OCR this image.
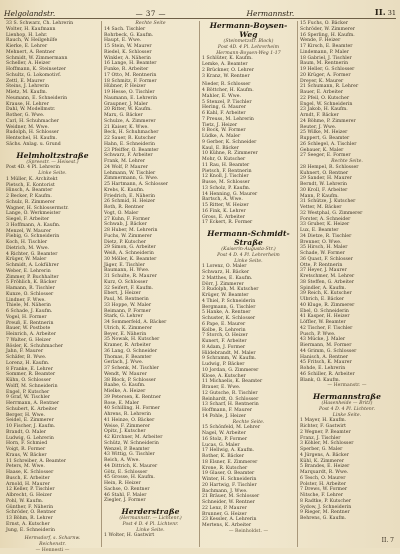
Helgolandstr.	— 37 —	Hermannstr.	II. 31
33 S. Schwarz, Ch. Lehrerin
Wolter, H. Kaufmann
Lienhop, H. Lehr.
Rauch, W. Heilgehilfe
Kierke, E. Lehrer
Mehnert, A. Rentner
Schmidt, W. Zimmermann
Scheller, A. Heizer
Hoffmann, K. Steinsetzer
Schultz, G. Lokomotivf.
Zettl, E. Maurer
Steins, J. Lehrerin
Mietz, M. Kaufm.
Neumann, E. Schneiderin
Krause, H. Lehrer
Dahl, W. Modellmstr.
Rother, G. Wwe.
Carl, H. Schuhmacher
Weidner, M. Wwe.
Rudolph, H. Schlosser
Hentschel, H. Kaufm.
Sächs. Anlag. u. Grund
Helmholtzstraße
(Spreestr. — Heisest.)
Post 4D. 4 Pl. Lehrerin
Linke Seite.
1 Müller, K. Architekt
Pietsch, E. Kontorist
Hinsch, A. Beamter
2 Becker, P. Kaufm.
Schulz, R. Zimmerer
Wagner, H. Schlossermstr.
Lange, O. Werkmeister
Siegel, F. Arbeiter
3 Hoffmann, A. Kaufm.
Menzel, W. Maurer
Fiebig, G. Schneiderin
Koch, H. Tischler
Dietrich, M. Wwe.
4 Richter, G. Beamter
Krüger, W. Maler
Schmidt, A. Lokführer
Weber, E. Lehrerin
Zimmer, P. Buchhalter
5 Fröhlich, K. Bäcker
Hamann, R. Tischler
Kunze, O. Schlosser
Lindner, F. Wwe.
Thiele, M. Näherin
6 Schade, J. Kaufm.
Vogel, H. Former
Preuß, E. Rentnerin
Bauer, W. Postbote
Heinrich, A. Arbeiter
7 Walter, G. Heizer
Rösler, K. Schuhmacher
Jahn, F. Maurer
Schäfer, B. Wwe.
Lorenz, H. Kaufm.
8 Franke, E. Lehrer
Sommer, R. Beamter
Kühn, O. Schlosser
Wolff, M. Schneiderin
Engel, P. Kutscher
9 Graf, W. Tischler
Herrmann, A. Rentner
Schubert, K. Arbeiter
Berger, H. Wwe.
Seidel, E. Zimmerer
10 Fischer, J. Kaufm.
Brandt, O. Maler
Ludwig, G. Lehrerin
Horn, F. Schmied
Voigt, R. Former
Kraus, W. Bäcker
11 Schreiber, A. Beamter
Peters, M. Wwe.
Haase, K. Schlosser
Busch, E. Arbeiter
Arnold, H. Maurer
12 Keller, P. Tischler
Albrecht, G. Heizer
Pohl, W. Kaufm.
Günther, F. Näherin
Schröder, O. Rentner
13 Böhm, R. Lehrer
Ernst, A. Kutscher
Jung, E. Schneiderin
Hermsdorf, s. Scharnw.
Reichenstr.
— Hennesti —
Rechte Seite
14 Sach. Tischler
Rohrbeck, G. Kaufm.
Haupt, E. Wwe.
15 Stein, W. Maurer
Riedel, K. Schlosser
Winkler, A. Näherin
16 Lange, H. Beamter
Funke, R. Arbeiter
17 Otto, M. Rentnerin
18 Schmitz, F. Former
Hübner, P. Heizer
19 Hesse, O. Tischler
Naumann, E. Lehrerin
Graupner, J. Maler
20 Ritter, W. Kaufm.
Marx, G. Bäcker
Schulze, A. Zimmerer
21 Kaiser, K. Wwe.
Beck, H. Schuhmacher
22 Sauer, R. Kutscher
Hahn, E. Schneiderin
23 Pfeiffer, O. Beamter
Schwarz, F. Arbeiter
Frank, M. Lehrer
24 Wolf, P. Maurer
Lehmann, W. Tischler
Zimmermann, G. Wwe.
25 Hartmann, A. Schlosser
Krebs, K. Kaufm.
Friedrich, E. Näherin
26 Schmid, H. Heizer
Roth, R. Rentner
Vogt, O. Maler
27 Kuhn, F. Former
Schwab, J. Bäcker
28 Huber, M. Lehrerin
Fuchs, W. Zimmerer
Dietz, P. Kutscher
29 Simon, G. Arbeiter
Weiß, A. Schneiderin
30 Möller, K. Beamter
Jäger, E. Tischler
Baumann, H. Wwe.
31 Schulte, R. Maurer
Kurz, O. Schlosser
32 Seifert, F. Kaufm.
Ebert, J. Heizer
Paul, M. Rentnerin
33 Hoppe, W. Maler
Reimann, P. Former
Stark, G. Lehrer
34 Sommerfeld, A. Bäcker
Ulrich, K. Zimmerer
Beyer, E. Näherin
35 Nowak, H. Kutscher
Kramer, R. Arbeiter
36 Lang, O. Schneider
Thomas, F. Beamter
Gerlach, J. Wwe.
37 Schenk, M. Tischler
Wendt, W. Maurer
38 Block, P. Schlosser
Raabe, G. Kaufm.
Mielke, A. Heizer
39 Petersen, K. Rentner
Rose, E. Maler
40 Schilling, H. Former
Ahrens, R. Lehrerin
41 Heinze, O. Bäcker
Weise, F. Zimmerer
Opitz, J. Kutscher
42 Kirchner, M. Arbeiter
Schütz, W. Schneiderin
Wenzel, P. Beamter
43 Wittig, G. Tischler
Reich, A. Wwe.
44 Dittrich, K. Maurer
Götz, E. Schlosser
45 Grosse, H. Kaufm.
Hein, R. Heizer
Sachse, O. Rentner
46 Stahl, F. Maler
Ziegler, J. Former
Herderstraße
(Hermannstr. — Lichtenr.)
Post 4 D. 4 Pl. Lichtenr.
Linke Seite.
1 Wolter, H. Gastwirt
Hermann-Boysen-
Weg
(Steinmetzstr. Block)
Post 4D. 4 Pl. Lehrerheim
Hermann-Boysen-Weg 1-17
1 Schlüter, K. Kaufm.
Lemke, A. Beamter
2 Brückner, O. Lehrer
3 Kranz, W. Rentner
Nieder, R. Schlosser
4 Böttcher, H. Kaufm.
Mahler, E. Wwe.
5 Stenzel, P. Tischler
Hering, G. Maurer
6 Kahl, F. Arbeiter
7 Preuss, M. Lehrerin
Tietz, J. Heizer
8 Bock, W. Former
Lüdke, A. Maler
9 Gerber, K. Schneider
Kaul, E. Bäcker
10 Kühne, R. Zimmerer
Mohr, O. Kutscher
11 Rau, H. Beamter
Pietsch, F. Rentnerin
12 Knoll, J. Tischler
Busse, M. Schlosser
13 Scholz, P. Kaufm.
14 Henning, G. Maurer
Bartsch, A. Wwe.
15 Ritter, W. Heizer
16 Fink, K. Lehrer
Gross, E. Arbeiter
17 Eckert, R. Former
Hermann-Schmidt-
Straße
(Kaiserin-Augusta-Str.)
Post 4 D. 4 Pl. Lehrerheim
Linke Seite.
1 Lorenz, O. Maler
Schwarz, H. Bäcker
2 Matthes, E. Kaufm.
Dörr, J. Zimmerer
3 Rudolph, M. Kutscher
Krüger, W. Beamter
4 Thiel, P. Schneiderin
Bergmann, G. Tischler
5 Hanke, A. Rentner
Schuster, K. Schlosser
6 Pape, E. Maurer
Kolbe, R. Lehrerin
7 Storch, O. Heizer
Kunert, F. Arbeiter
8 Adam, J. Former
Hildebrandt, M. Maler
9 Schramm, W. Kaufm.
Ludwig, P. Bäcker
10 Jordan, G. Zimmerer
Klose, A. Kutscher
11 Michaelis, K. Beamter
Brauer, E. Wwe.
12 Gutsche, R. Tischler
Reinhardt, O. Schlosser
13 Scharf, H. Rentnerin
Hoffmann, F. Maurer
14 Pohle, J. Heizer
Rechte Seite.
15 Schönfeld, M. Lehrer
Nagel, W. Arbeiter
16 Stolz, P. Former
Lucas, G. Maler
17 Hellwig, A. Kaufm.
Rother, K. Bäcker
18 Elsner, E. Zimmerer
Krone, R. Kutscher
19 Glaser, O. Beamter
Winter, H. Schneiderin
20 Hartwig, F. Tischler
Bachmann, J. Wwe.
21 Bräuer, M. Schlosser
Schneider, W. Rentner
22 Lenz, P. Maurer
Brunner, G. Heizer
23 Kessler, A. Lehrerin
Mertens, K. Arbeiter
— Reinholdst. —
15 Fuchs, O. Bäcker
Schröder, W. Zimmerer
16 Sperling, H. Kaufm.
Wende, F. Heizer
17 Kirsch, E. Beamter
Lindemann, P. Maler
18 Gabriel, J. Tischler
Baum, M. Rentnerin
19 Heller, G. Schlosser
20 Krüger, A. Former
Dreyer, K. Maurer
21 Schumann, R. Lehrer
Bauer, E. Arbeiter
22 Pfeil, O. Kutscher
Engel, W. Schneiderin
23 Jakob, H. Kaufm.
Arndt, F. Bäcker
24 Böhme, P. Zimmerer
Reuter, J. Wwe.
25 Wilke, M. Heizer
Ruppert, G. Beamter
26 Schlegel, A. Tischler
Gebauer, K. Maler
27 Seeger, E. Former
Rechte Seite.
28 Hempel, R. Schlosser
Kuhnert, O. Rentner
29 Sander, H. Maurer
Berndt, W. Lehrerin
30 Kroll, F. Arbeiter
Mann, P. Kaufm.
31 Schütze, J. Kutscher
Vetter, M. Bäcker
32 Westphal, G. Zimmerer
Forster, A. Schneider
33 Gruber, K. Heizer
Lux, E. Beamter
34 Dietze, R. Tischler
Brenner, O. Wwe.
35 Hirsch, H. Maler
Schade, W. Former
36 Quast, F. Schlosser
Otte, P. Rentnerin
37 Heyer, J. Maurer
Kretschmer, M. Lehrer
38 Steffen, G. Arbeiter
Spindler, A. Kaufm.
39 Reich, K. Kutscher
Ulbrich, E. Bäcker
40 Kluge, R. Zimmerer
Ebel, O. Schneiderin
41 Kasper, H. Heizer
Löffler, W. Beamter
42 Tischer, F. Tischler
Pusch, P. Wwe.
43 Mücke, J. Maler
Biermann, M. Former
44 Grimm, G. Schlosser
Hanisch, A. Rentner
45 Fritsch, K. Maurer
Rohde, E. Lehrerin
46 Schiller, R. Arbeiter
Blank, O. Kaufm.
— Hermanstr. —
Hermannstraße
(Hasenheide — Britz)
Post 4 D. 4 Pl. Lichtenr.
Linke Seite.
1 Mayer, H. Kaufm.
Richter, F. Gastwirt
2 Wegner, P. Beamter
Franz, J. Tischler
3 Köhler, M. Schlosser
Sperber, G. Maler
4 Jürgens, A. Bäcker
Kühl, K. Zimmerer
5 Brandes, E. Heizer
Marquardt, R. Wwe.
6 Tesch, O. Maurer
Polster, H. Arbeiter
7 Drews, W. Former
Nitsche, F. Lehrer
8 Radtke, P. Kutscher
Sydow, J. Schneiderin
9 Rieger, M. Rentner
Behrens, G. Kaufm.
II. 7
